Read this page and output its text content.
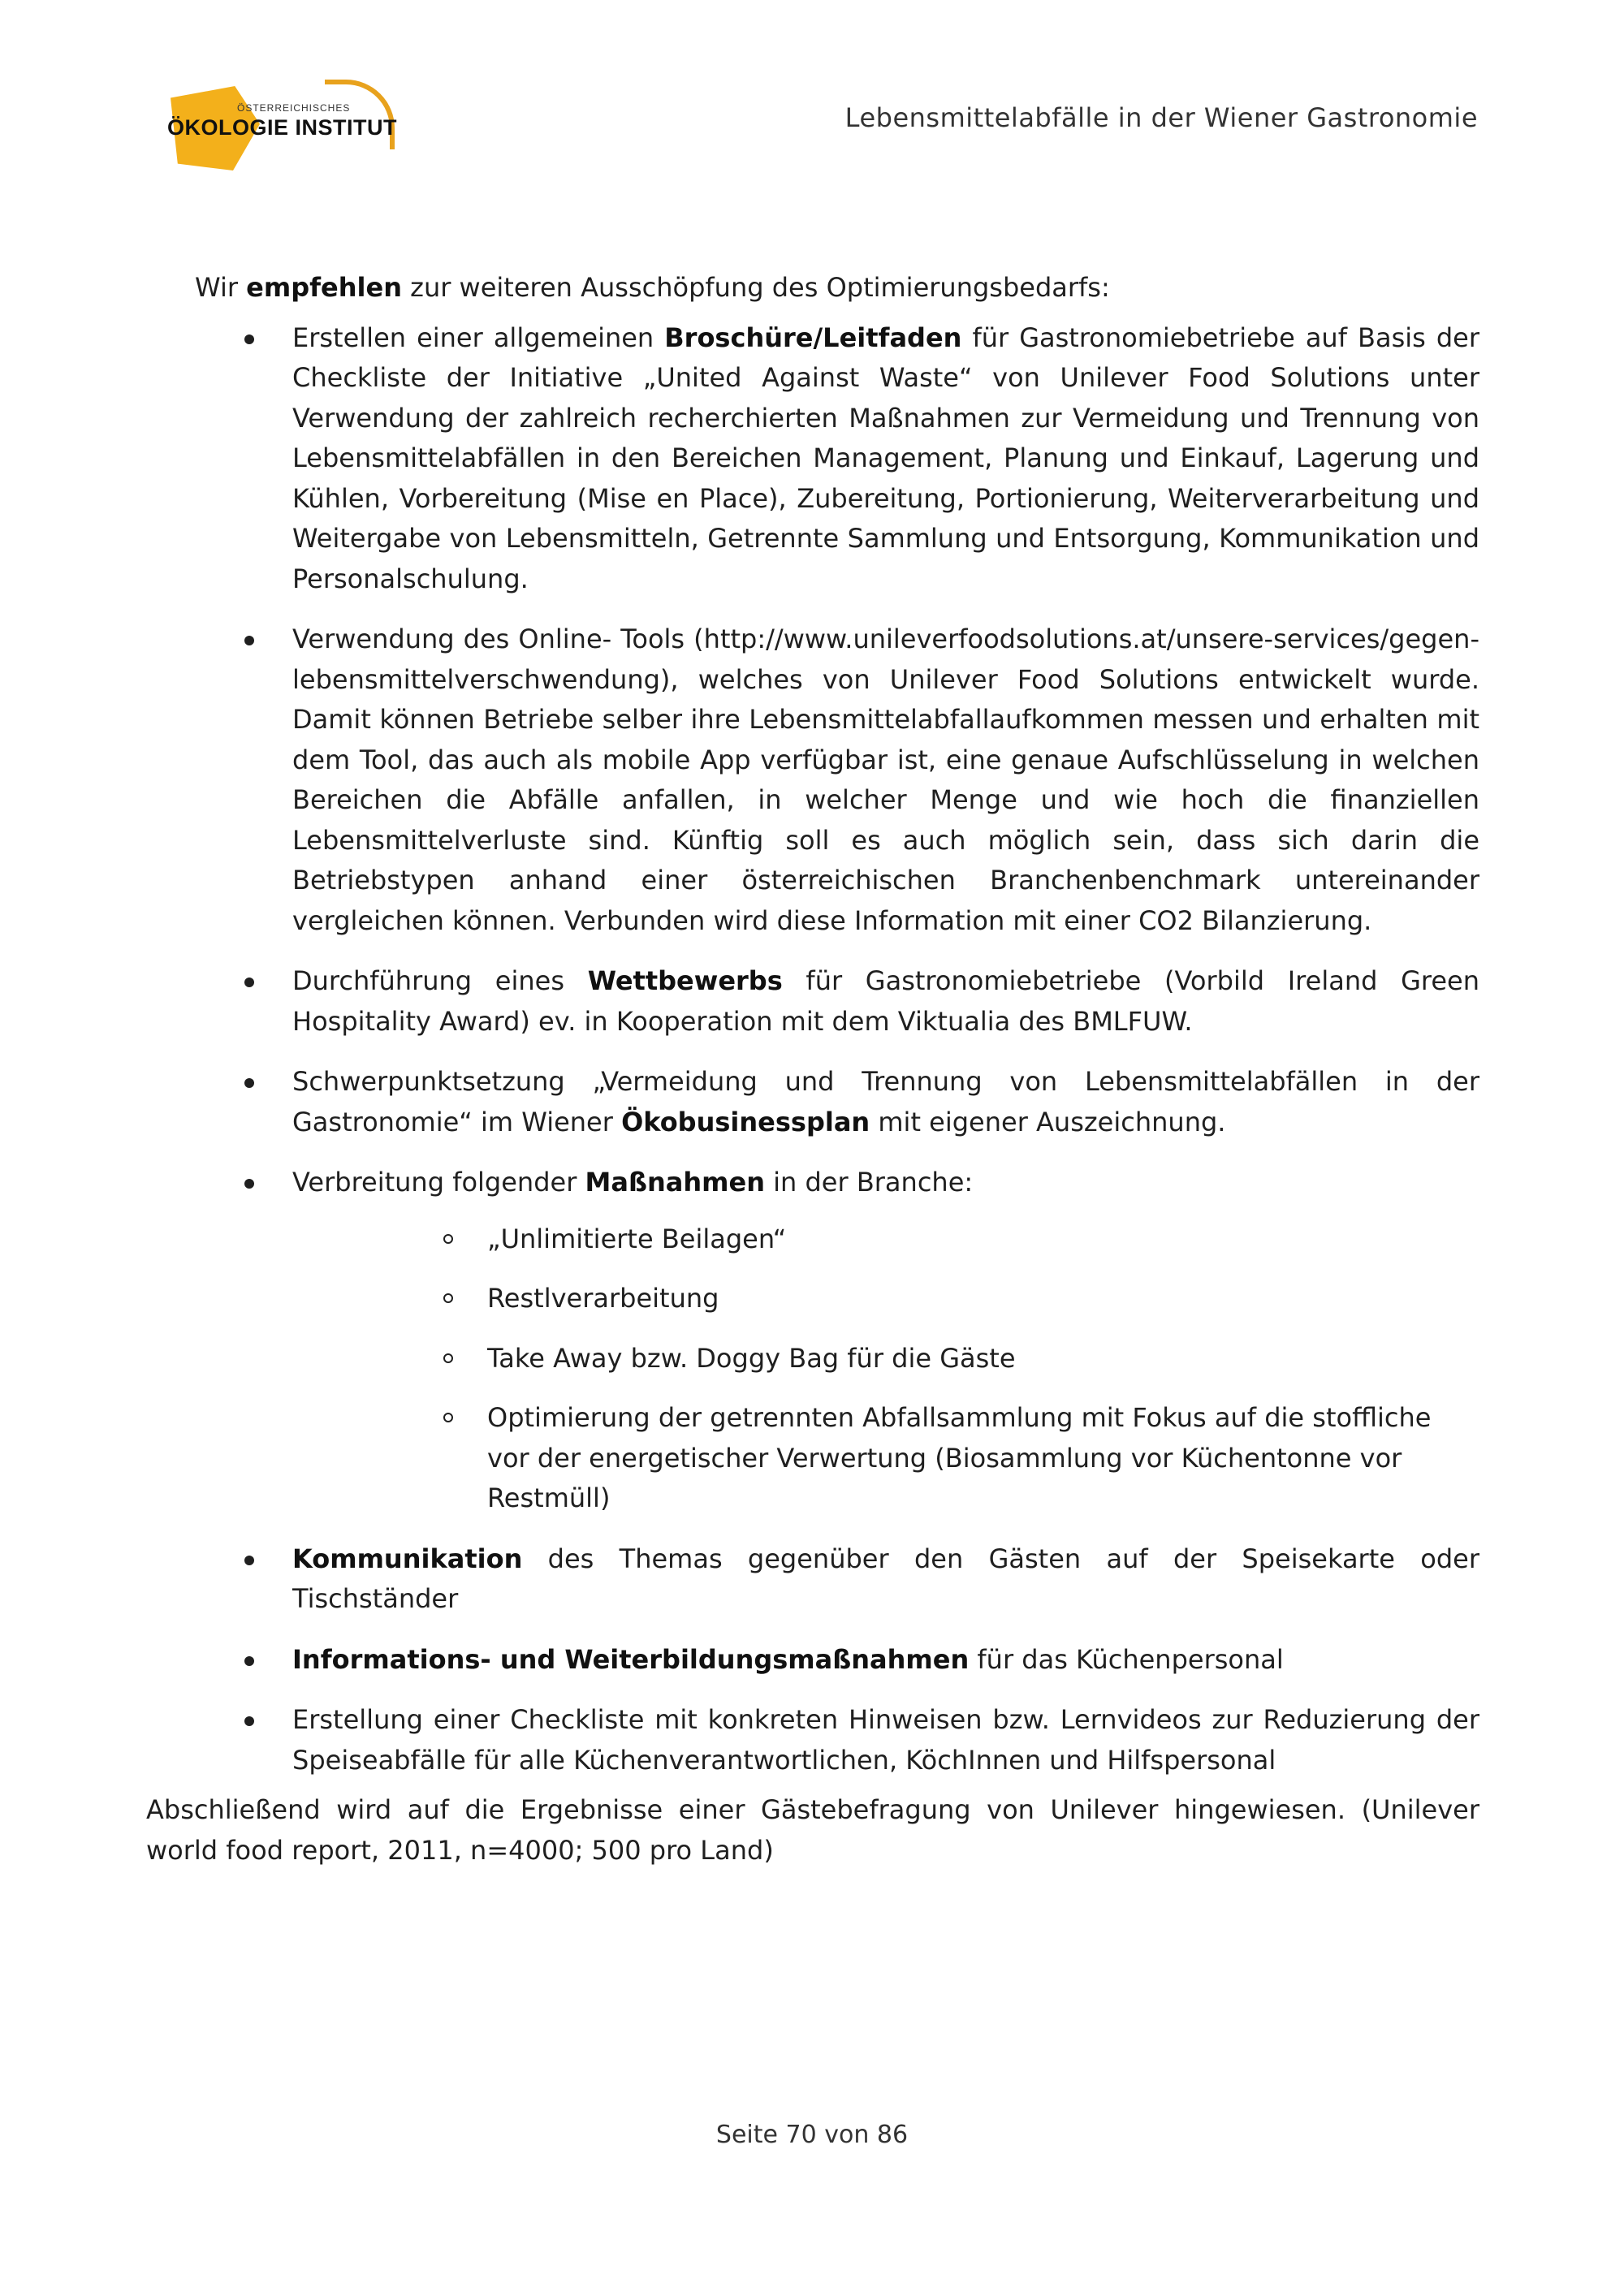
ÖSTERREICHISCHES
ÖKOLOGIE INSTITUT	Lebensmittelabfälle in der Wiener Gastronomie

Wir empfehlen zur weiteren Ausschöpfung des Optimierungsbedarfs:

Erstellen einer allgemeinen Broschüre/Leitfaden für Gastronomiebetriebe auf Basis der Checkliste der Initiative „United Against Waste“ von Unilever Food Solutions unter Verwendung der zahlreich recherchierten Maßnahmen zur Vermeidung und Trennung von Lebensmittelabfällen in den Bereichen Management, Planung und Einkauf, Lagerung und Kühlen, Vorbereitung (Mise en Place), Zubereitung, Portionierung, Weiterverarbeitung und Weitergabe von Lebensmitteln, Getrennte Sammlung und Entsorgung, Kommunikation und Personalschulung.
Verwendung des Online- Tools (http://www.unileverfoodsolutions.at/unsere-services/gegen-lebensmittelverschwendung), welches von Unilever Food Solutions entwickelt wurde. Damit können Betriebe selber ihre Lebensmittelabfallaufkommen messen und erhalten mit dem Tool, das auch als mobile App verfügbar ist, eine genaue Aufschlüsselung in welchen Bereichen die Abfälle anfallen, in welcher Menge und wie hoch die finanziellen Lebensmittelverluste sind. Künftig soll es auch möglich sein, dass sich darin die Betriebstypen anhand einer österreichischen Branchenbenchmark untereinander vergleichen können. Verbunden wird diese Information mit einer CO2 Bilanzierung.
Durchführung eines Wettbewerbs für Gastronomiebetriebe (Vorbild Ireland Green Hospitality Award) ev. in Kooperation mit dem Viktualia des BMLFUW.
Schwerpunktsetzung „Vermeidung und Trennung von Lebensmittelabfällen in der Gastronomie“ im Wiener Ökobusinessplan mit eigener Auszeichnung.
Verbreitung folgender Maßnahmen in der Branche:
„Unlimitierte Beilagen“
Restlverarbeitung
Take Away bzw. Doggy Bag für die Gäste
Optimierung der getrennten Abfallsammlung mit Fokus auf die stoffliche vor der energetischer Verwertung (Biosammlung vor Küchentonne vor Restmüll)
Kommunikation des Themas gegenüber den Gästen auf der Speisekarte oder Tischständer
Informations- und Weiterbildungsmaßnahmen für das Küchenpersonal
Erstellung einer Checkliste mit konkreten Hinweisen bzw. Lernvideos zur Reduzierung der Speiseabfälle für alle Küchenverantwortlichen, KöchInnen und Hilfspersonal

Abschließend wird auf die Ergebnisse einer Gästebefragung von Unilever hingewiesen. (Unilever world food report, 2011, n=4000; 500 pro Land)

Seite 70 von 86
